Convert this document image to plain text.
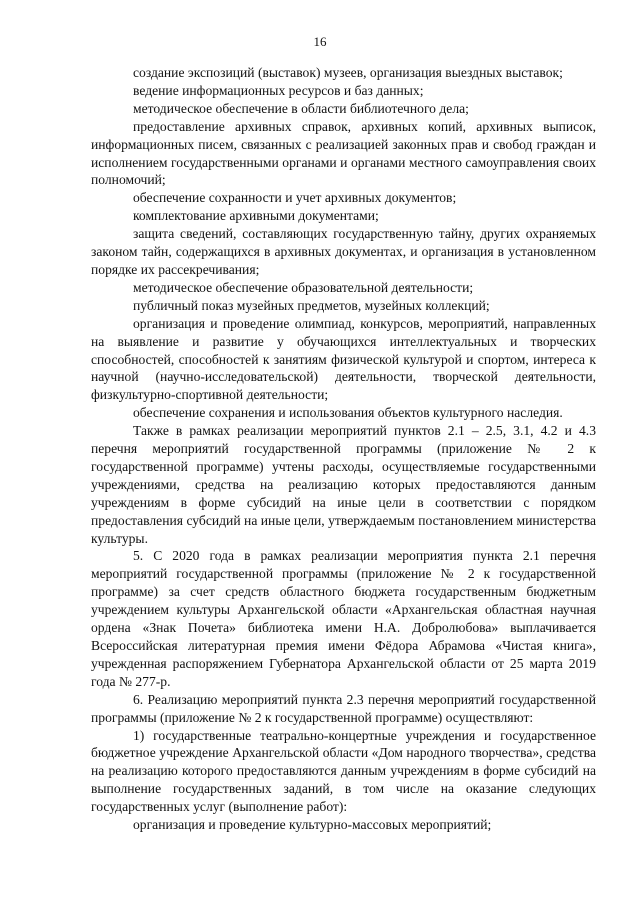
16

создание экспозиций (выставок) музеев, организация выездных выставок;

ведение информационных ресурсов и баз данных;

методическое обеспечение в области библиотечного дела;

предоставление архивных справок, архивных копий, архивных выписок, информационных писем, связанных с реализацией законных прав и свобод граждан и исполнением государственными органами и органами местного самоуправления своих полномочий;

обеспечение сохранности и учет архивных документов;

комплектование архивными документами;

защита сведений, составляющих государственную тайну, других охраняемых законом тайн, содержащихся в архивных документах, и организация в установленном порядке их рассекречивания;

методическое обеспечение образовательной деятельности;

публичный показ музейных предметов, музейных коллекций;

организация и проведение олимпиад, конкурсов, мероприятий, направленных на выявление и развитие у обучающихся интеллектуальных и творческих способностей, способностей к занятиям физической культурой и спортом, интереса к научной (научно-исследовательской) деятельности, творческой деятельности, физкультурно-спортивной деятельности;

обеспечение сохранения и использования объектов культурного наследия.

Также в рамках реализации мероприятий пунктов 2.1 – 2.5, 3.1, 4.2 и 4.3 перечня мероприятий государственной программы (приложение № 2 к государственной программе) учтены расходы, осуществляемые государственными учреждениями, средства на реализацию которых предоставляются данным учреждениям в форме субсидий на иные цели в соответствии с порядком предоставления субсидий на иные цели, утверждаемым постановлением министерства культуры.

5. С 2020 года в рамках реализации мероприятия пункта 2.1 перечня мероприятий государственной программы (приложение № 2 к государственной программе) за счет средств областного бюджета государственным бюджетным учреждением культуры Архангельской области «Архангельская областная научная ордена «Знак Почета» библиотека имени Н.А. Добролюбова» выплачивается Всероссийская литературная премия имени Фёдора Абрамова «Чистая книга», учрежденная распоряжением Губернатора Архангельской области от 25 марта 2019 года № 277-р.

6. Реализацию мероприятий пункта 2.3 перечня мероприятий государственной программы (приложение № 2 к государственной программе) осуществляют:

1) государственные театрально-концертные учреждения и государственное бюджетное учреждение Архангельской области «Дом народного творчества», средства на реализацию которого предоставляются данным учреждениям в форме субсидий на выполнение государственных заданий, в том числе на оказание следующих государственных услуг (выполнение работ):

организация и проведение культурно-массовых мероприятий;
